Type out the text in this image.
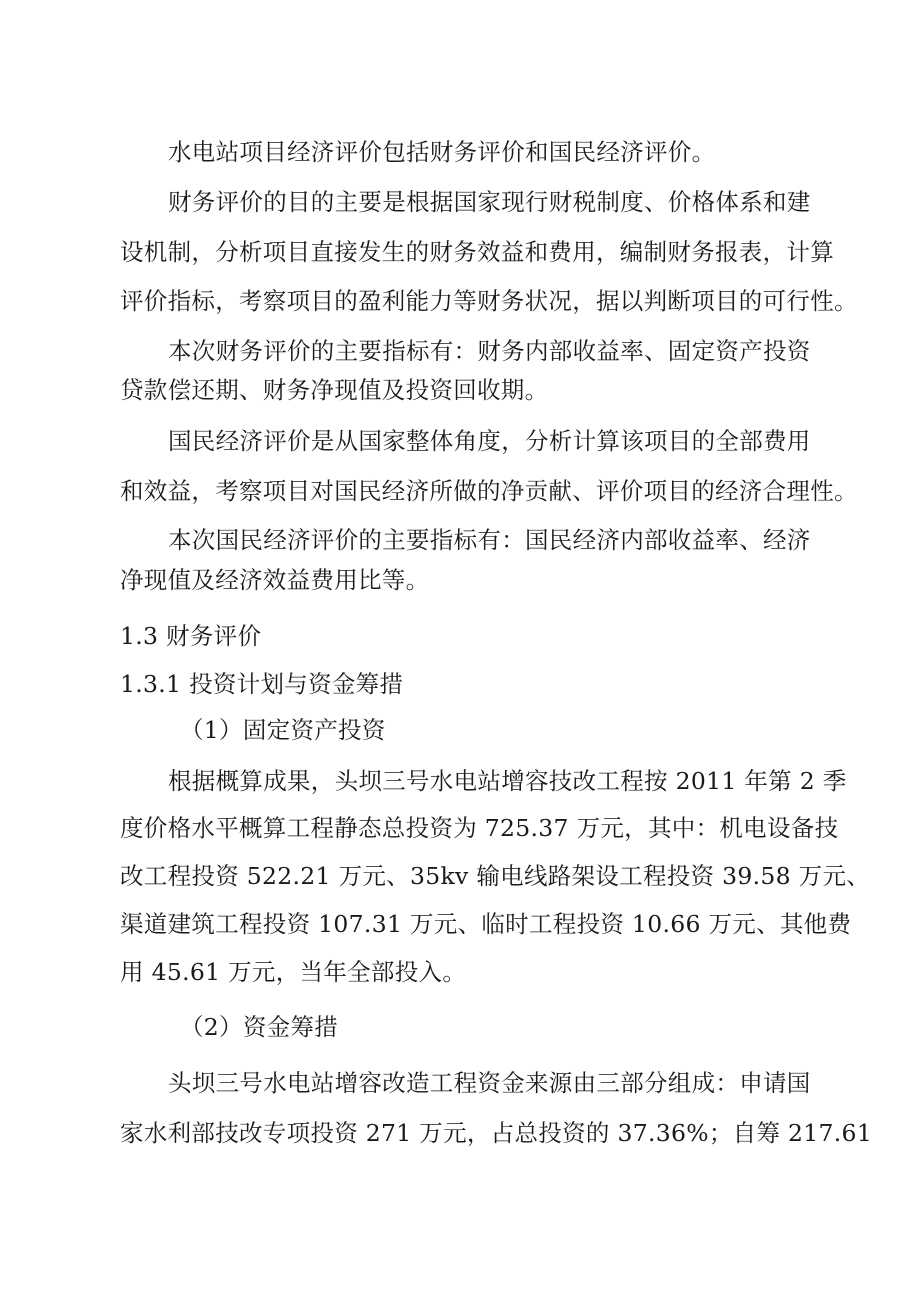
水电站项目经济评价包括财务评价和国民经济评价。
财务评价的目的主要是根据国家现行财税制度、价格体系和建
设机制，分析项目直接发生的财务效益和费用，编制财务报表，计算
评价指标，考察项目的盈利能力等财务状况，据以判断项目的可行性。
本次财务评价的主要指标有：财务内部收益率、固定资产投资
贷款偿还期、财务净现值及投资回收期。
国民经济评价是从国家整体角度，分析计算该项目的全部费用
和效益，考察项目对国民经济所做的净贡献、评价项目的经济合理性。
本次国民经济评价的主要指标有：国民经济内部收益率、经济
净现值及经济效益费用比等。
1.3 财务评价
1.3.1 投资计划与资金筹措
（1）固定资产投资
根据概算成果，头坝三号水电站增容技改工程按 2011 年第 2 季
度价格水平概算工程静态总投资为 725.37 万元，其中：机电设备技
改工程投资 522.21 万元、35kv 输电线路架设工程投资 39.58 万元、
渠道建筑工程投资 107.31 万元、临时工程投资 10.66 万元、其他费
用 45.61 万元，当年全部投入。
（2）资金筹措
头坝三号水电站增容改造工程资金来源由三部分组成：申请国
家水利部技改专项投资 271 万元，占总投资的 37.36%；自筹 217.61
